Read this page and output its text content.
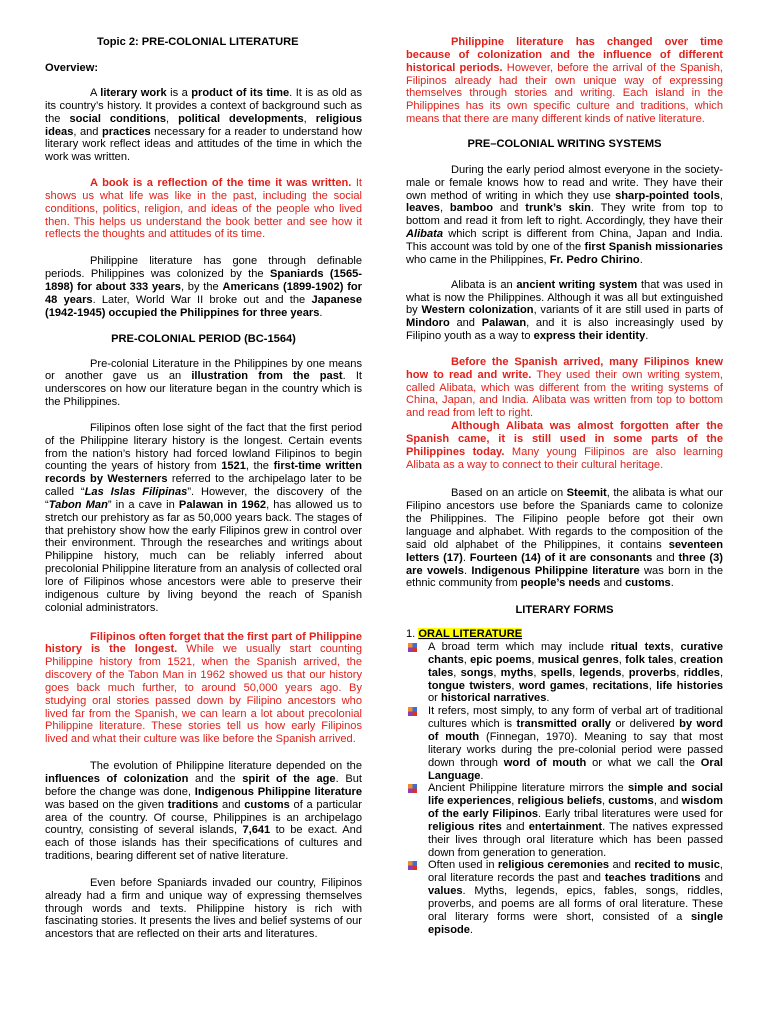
Topic 2: PRE-COLONIAL LITERATURE
Overview:

A literary work is a product of its time. It is as old as its country’s history. It provides a context of background such as the social conditions, political developments, religious ideas, and practices necessary for a reader to understand how literary work reflect ideas and attitudes of the time in which the work was written.

A book is a reflection of the time it was written. It shows us what life was like in the past, including the social conditions, politics, religion, and ideas of the people who lived then. This helps us understand the book better and see how it reflects the thoughts and attitudes of its time.

Philippine literature has gone through definable periods. Philippines was colonized by the Spaniards (1565-1898) for about 333 years, by the Americans (1899-1902) for 48 years. Later, World War II broke out and the Japanese (1942-1945) occupied the Philippines for three years.

PRE-COLONIAL PERIOD (BC-1564)

Pre-colonial Literature in the Philippines by one means or another gave us an illustration from the past. It underscores on how our literature began in the country which is the Philippines.

Filipinos often lose sight of the fact that the first period of the Philippine literary history is the longest. Certain events from the nation’s history had forced lowland Filipinos to begin counting the years of history from 1521, the first-time written records by Westerners referred to the archipelago later to be called “Las Islas Filipinas”. However, the discovery of the “Tabon Man” in a cave in Palawan in 1962, has allowed us to stretch our prehistory as far as 50,000 years back. The stages of that prehistory show how the early Filipinos grew in control over their environment. Through the researches and writings about Philippine history, much can be reliably inferred about precolonial Philippine literature from an analysis of collected oral lore of Filipinos whose ancestors were able to preserve their indigenous culture by living beyond the reach of Spanish colonial administrators.

Filipinos often forget that the first part of Philippine history is the longest. While we usually start counting Philippine history from 1521, when the Spanish arrived, the discovery of the Tabon Man in 1962 showed us that our history goes back much further, to around 50,000 years ago. By studying oral stories passed down by Filipino ancestors who lived far from the Spanish, we can learn a lot about precolonial Philippine literature. These stories tell us how early Filipinos lived and what their culture was like before the Spanish arrived.

The evolution of Philippine literature depended on the influences of colonization and the spirit of the age. But before the change was done, Indigenous Philippine literature was based on the given traditions and customs of a particular area of the country. Of course, Philippines is an archipelago country, consisting of several islands, 7,641 to be exact. And each of those islands has their specifications of cultures and traditions, bearing different set of native literature.

Even before Spaniards invaded our country, Filipinos already had a firm and unique way of expressing themselves through words and texts. Philippine history is rich with fascinating stories. It presents the lives and belief systems of our ancestors that are reflected on their arts and literatures.

Philippine literature has changed over time because of colonization and the influence of different historical periods. However, before the arrival of the Spanish, Filipinos already had their own unique way of expressing themselves through stories and writing. Each island in the Philippines has its own specific culture and traditions, which means that there are many different kinds of native literature.

PRE–COLONIAL WRITING SYSTEMS

During the early period almost everyone in the society-male or female knows how to read and write. They have their own method of writing in which they use sharp-pointed tools, leaves, bamboo and trunk’s skin. They write from top to bottom and read it from left to right. Accordingly, they have their Alibata which script is different from China, Japan and India. This account was told by one of the first Spanish missionaries who came in the Philippines, Fr. Pedro Chirino.

Alibata is an ancient writing system that was used in what is now the Philippines. Although it was all but extinguished by Western colonization, variants of it are still used in parts of Mindoro and Palawan, and it is also increasingly used by Filipino youth as a way to express their identity.

Before the Spanish arrived, many Filipinos knew how to read and write. They used their own writing system, called Alibata, which was different from the writing systems of China, Japan, and India. Alibata was written from top to bottom and read from left to right.

Although Alibata was almost forgotten after the Spanish came, it is still used in some parts of the Philippines today. Many young Filipinos are also learning Alibata as a way to connect to their cultural heritage.

Based on an article on Steemit, the alibata is what our Filipino ancestors use before the Spaniards came to colonize the Philippines. The Filipino people before got their own language and alphabet. With regards to the composition of the said old alphabet of the Philippines, it contains seventeen letters (17). Fourteen (14) of it are consonants and three (3) are vowels. Indigenous Philippine literature was born in the ethnic community from people’s needs and customs.

LITERARY FORMS

1. ORAL LITERATURE

A broad term which may include ritual texts, curative chants, epic poems, musical genres, folk tales, creation tales, songs, myths, spells, legends, proverbs, riddles, tongue twisters, word games, recitations, life histories or historical narratives.

It refers, most simply, to any form of verbal art of traditional cultures which is transmitted orally or delivered by word of mouth (Finnegan, 1970). Meaning to say that most literary works during the pre-colonial period were passed down through word of mouth or what we call the Oral Language.

Ancient Philippine literature mirrors the simple and social life experiences, religious beliefs, customs, and wisdom of the early Filipinos. Early tribal literatures were used for religious rites and entertainment. The natives expressed their lives through oral literature which has been passed down from generation to generation.

Often used in religious ceremonies and recited to music, oral literature records the past and teaches traditions and values. Myths, legends, epics, fables, songs, riddles, proverbs, and poems are all forms of oral literature. These oral literary forms were short, consisted of a single episode.
